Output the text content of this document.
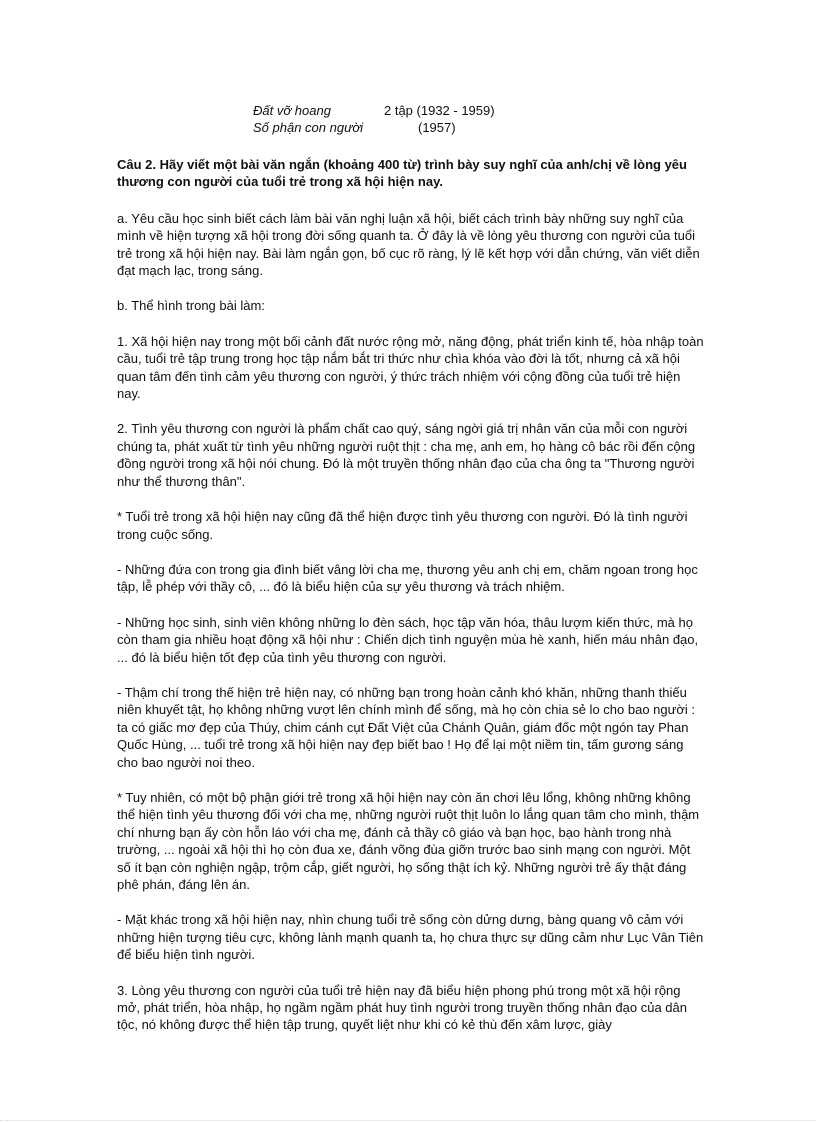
Đất vỡ hoang	2 tập (1932 - 1959)
Số phận con người	(1957)

Câu 2. Hãy viết một bài văn ngắn (khoảng 400 từ) trình bày suy nghĩ của anh/chị về lòng yêu thương con người của tuổi trẻ trong xã hội hiện nay.

a. Yêu cầu học sinh biết cách làm bài văn nghị luận xã hội, biết cách trình bày những suy nghĩ của mình về hiện tượng xã hội trong đời sống quanh ta. Ở đây là về lòng yêu thương con người của tuổi trẻ trong xã hội hiện nay. Bài làm ngắn gọn, bố cục rõ ràng, lý lẽ kết hợp với dẫn chứng, văn viết diễn đạt mạch lạc, trong sáng.

b. Thể hình trong bài làm:

1. Xã hội hiện nay trong một bối cảnh đất nước rộng mở, năng động, phát triển kinh tế, hòa nhập toàn cầu, tuổi trẻ tập trung trong học tập nắm bắt tri thức như chìa khóa vào đời là tốt, nhưng cả xã hội quan tâm đến tình cảm yêu thương con người, ý thức trách nhiệm với cộng đồng của tuổi trẻ hiện nay.

2. Tình yêu thương con người là phẩm chất cao quý, sáng ngời giá trị nhân văn của mỗi con người chúng ta, phát xuất từ tình yêu những người ruột thịt : cha mẹ, anh em, họ hàng cô bác rồi đến cộng đồng người trong xã hội nói chung. Đó là một truyền thống nhân đạo của cha ông ta "Thương người như thể thương thân".

* Tuổi trẻ trong xã hội hiện nay cũng đã thể hiện được tình yêu thương con người. Đó là tình người trong cuộc sống.

- Những đứa con trong gia đình biết vâng lời cha mẹ, thương yêu anh chị em, chăm ngoan trong học tập, lễ phép với thầy cô, ... đó là biểu hiện của sự yêu thương và trách nhiệm.

- Những học sinh, sinh viên không những lo đèn sách, học tập văn hóa, thâu lượm kiến thức, mà họ còn tham gia nhiều hoạt động xã hội như : Chiến dịch tình nguyện mùa hè xanh, hiến máu nhân đạo, ... đó là biểu hiện tốt đẹp của tình yêu thương con người.

- Thậm chí trong thế hiện trẻ hiện nay, có những bạn trong hoàn cảnh khó khăn, những thanh thiếu niên khuyết tật, họ không những vượt lên chính mình để sống, mà họ còn chia sẻ lo cho bao người : ta có giấc mơ đẹp của Thúy, chim cánh cụt Đất Việt của Chánh Quân, giám đốc một ngón tay Phan Quốc Hùng, ... tuổi trẻ trong xã hội hiện nay đẹp biết bao ! Họ để lại một niềm tin, tấm gương sáng cho bao người noi theo.

* Tuy nhiên, có một bộ phận giới trẻ trong xã hội hiện nay còn ăn chơi lêu lổng, không những không thể hiện tình yêu thương đối với cha mẹ, những người ruột thịt luôn lo lắng quan tâm cho mình, thậm chí nhưng bạn ấy còn hỗn láo với cha mẹ, đánh cả thầy cô giáo và bạn học, bạo hành trong nhà trường, ... ngoài xã hội thì họ còn đua xe, đánh võng đùa giỡn trước bao sinh mạng con người. Một số ít bạn còn nghiện ngập, trộm cắp, giết người, họ sống thật ích kỷ. Những người trẻ ấy thật đáng phê phán, đáng lên án.

- Mặt khác trong xã hội hiện nay, nhìn chung tuổi trẻ sống còn dửng dưng, bàng quang vô cảm với những hiện tượng tiêu cực, không lành mạnh quanh ta, họ chưa thực sự dũng cảm như Lục Vân Tiên để biểu hiện tình người.

3. Lòng yêu thương con người của tuổi trẻ hiện nay đã biểu hiện phong phú trong một xã hội rộng mở, phát triển, hòa nhập, họ ngầm ngầm phát huy tình người trong truyền thống nhân đạo của dân tộc, nó không được thể hiện tập trung, quyết liệt như khi có kẻ thù đến xâm lược, giày
